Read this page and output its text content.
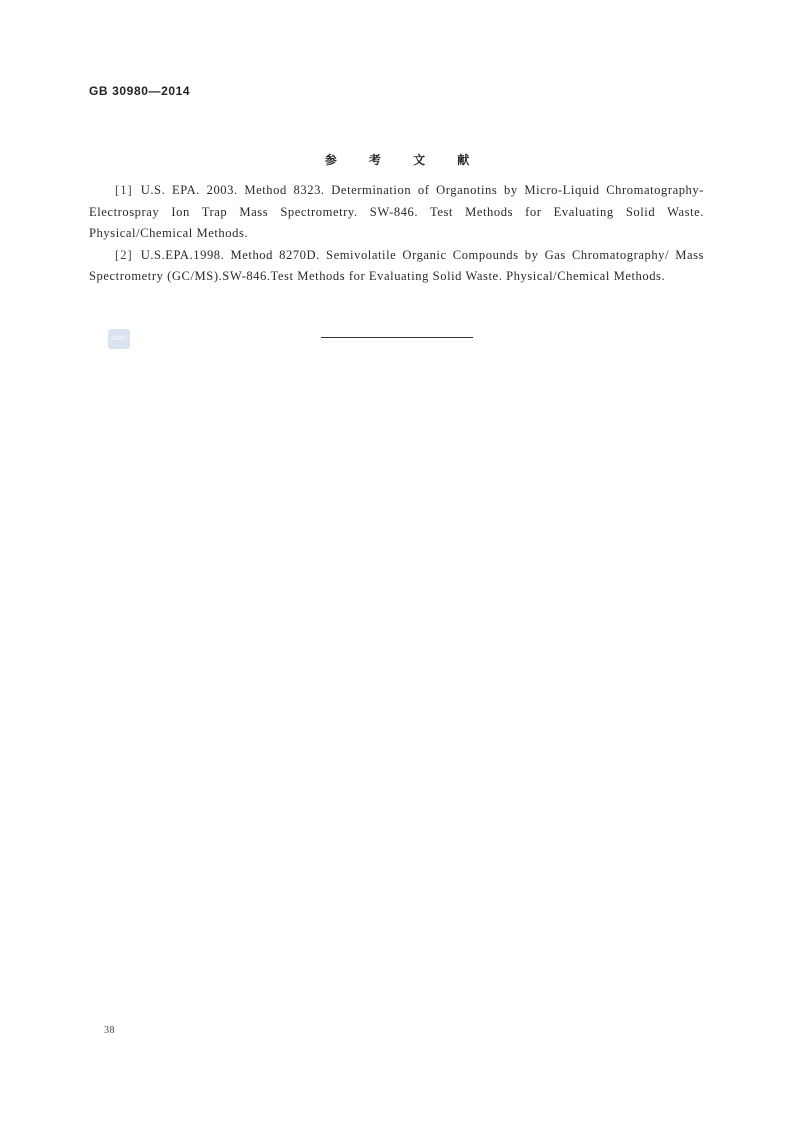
GB 30980—2014
参 考 文 献

[1] U.S. EPA. 2003. Method 8323. Determination of Organotins by Micro-Liquid Chromatography-Electrospray Ion Trap Mass Spectrometry. SW-846. Test Methods for Evaluating Solid Waste. Physical/Chemical Methods.

[2] U.S.EPA.1998. Method 8270D. Semivolatile Organic Compounds by Gas Chromatography/ Mass Spectrometry (GC/MS).SW-846.Test Methods for Evaluating Solid Waste. Physical/Chemical Methods.

SDAC
38
